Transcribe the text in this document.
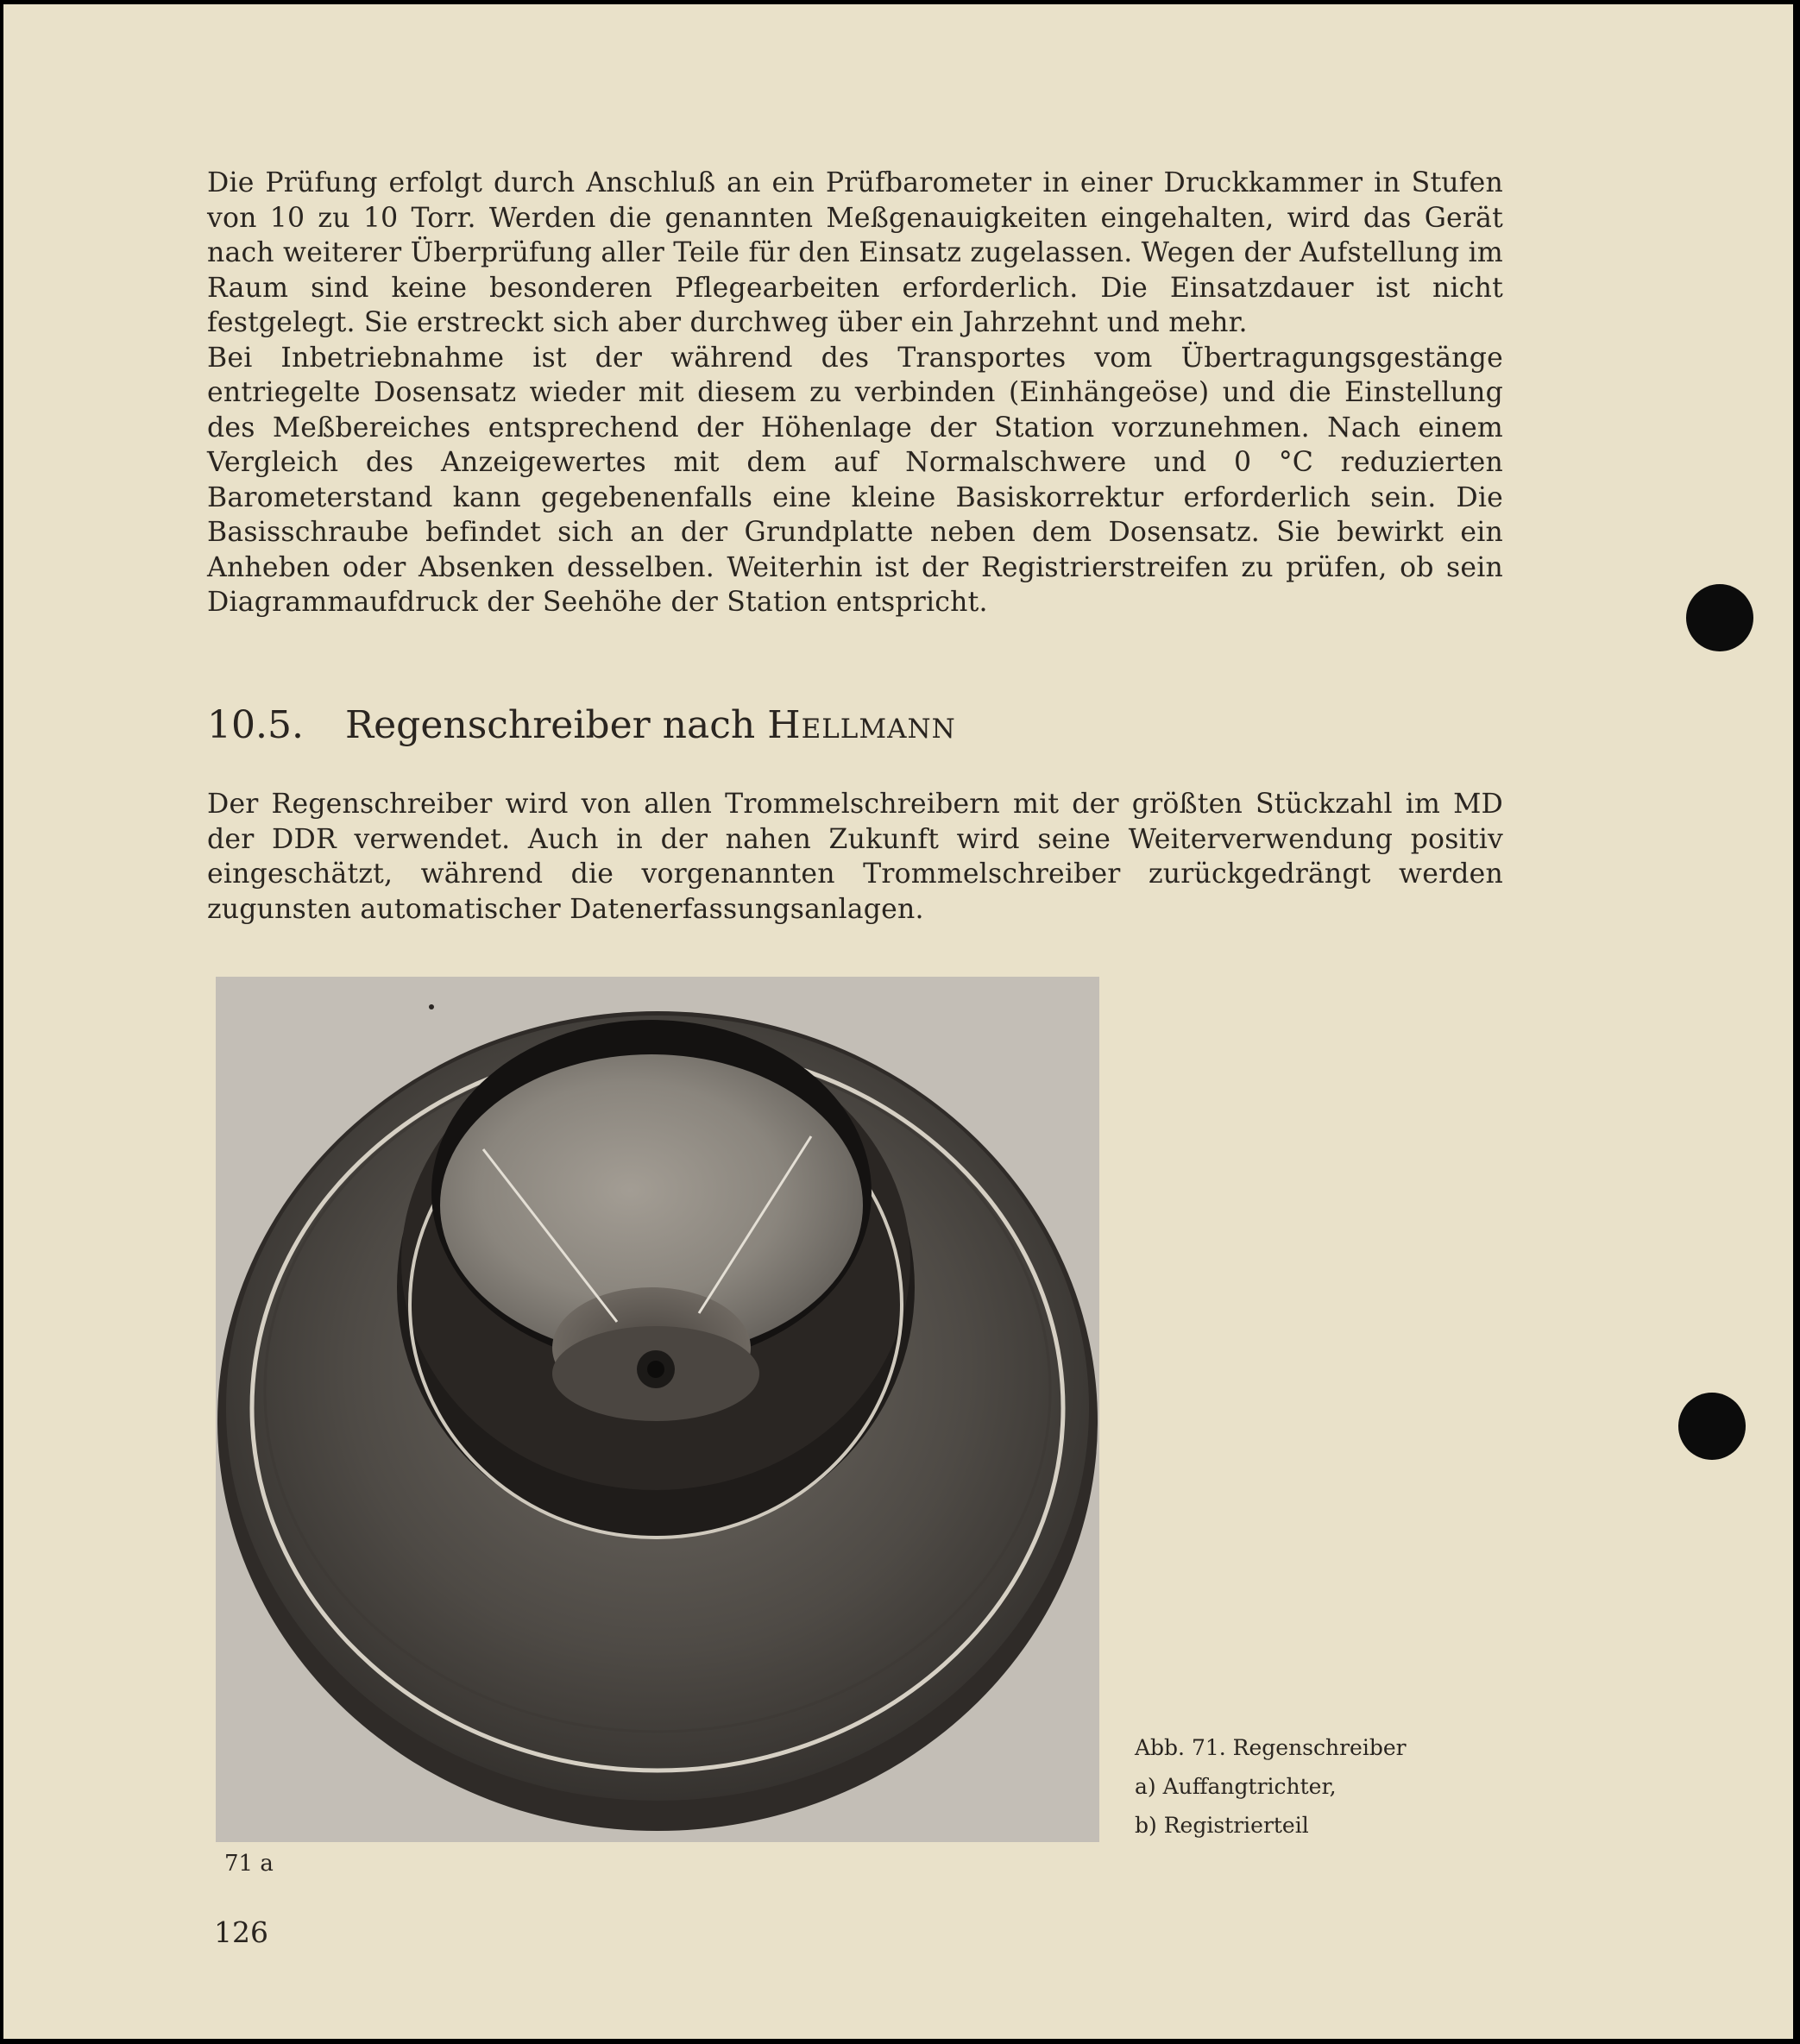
Die Prüfung erfolgt durch Anschluß an ein Prüfbarometer in einer Druckkammer in Stufen von 10 zu 10 Torr. Werden die genannten Meßgenauigkeiten eingehalten, wird das Gerät nach weiterer Überprüfung aller Teile für den Einsatz zugelassen. Wegen der Aufstellung im Raum sind keine besonderen Pflegearbeiten erforderlich. Die Einsatzdauer ist nicht festgelegt. Sie erstreckt sich aber durchweg über ein Jahrzehnt und mehr.

Bei Inbetriebnahme ist der während des Transportes vom Übertragungsgestänge entriegelte Dosensatz wieder mit diesem zu verbinden (Einhängeöse) und die Einstellung des Meßbereiches entsprechend der Höhenlage der Station vorzunehmen. Nach einem Vergleich des Anzeigewertes mit dem auf Normalschwere und 0 °C reduzierten Barometerstand kann gegebenenfalls eine kleine Basiskorrektur erforderlich sein. Die Basisschraube befindet sich an der Grundplatte neben dem Dosensatz. Sie bewirkt ein Anheben oder Absenken desselben. Weiterhin ist der Registrierstreifen zu prüfen, ob sein Diagrammaufdruck der Seehöhe der Station entspricht.

10.5. Regenschreiber nach Hellmann

Der Regenschreiber wird von allen Trommelschreibern mit der größten Stückzahl im MD der DDR verwendet. Auch in der nahen Zukunft wird seine Weiterverwendung positiv eingeschätzt, während die vorgenannten Trommelschreiber zurückgedrängt werden zugunsten automatischer Datenerfassungsanlagen.

71 a
Abb. 71. Regenschreiber
a) Auffangtrichter,
b) Registrierteil
126
